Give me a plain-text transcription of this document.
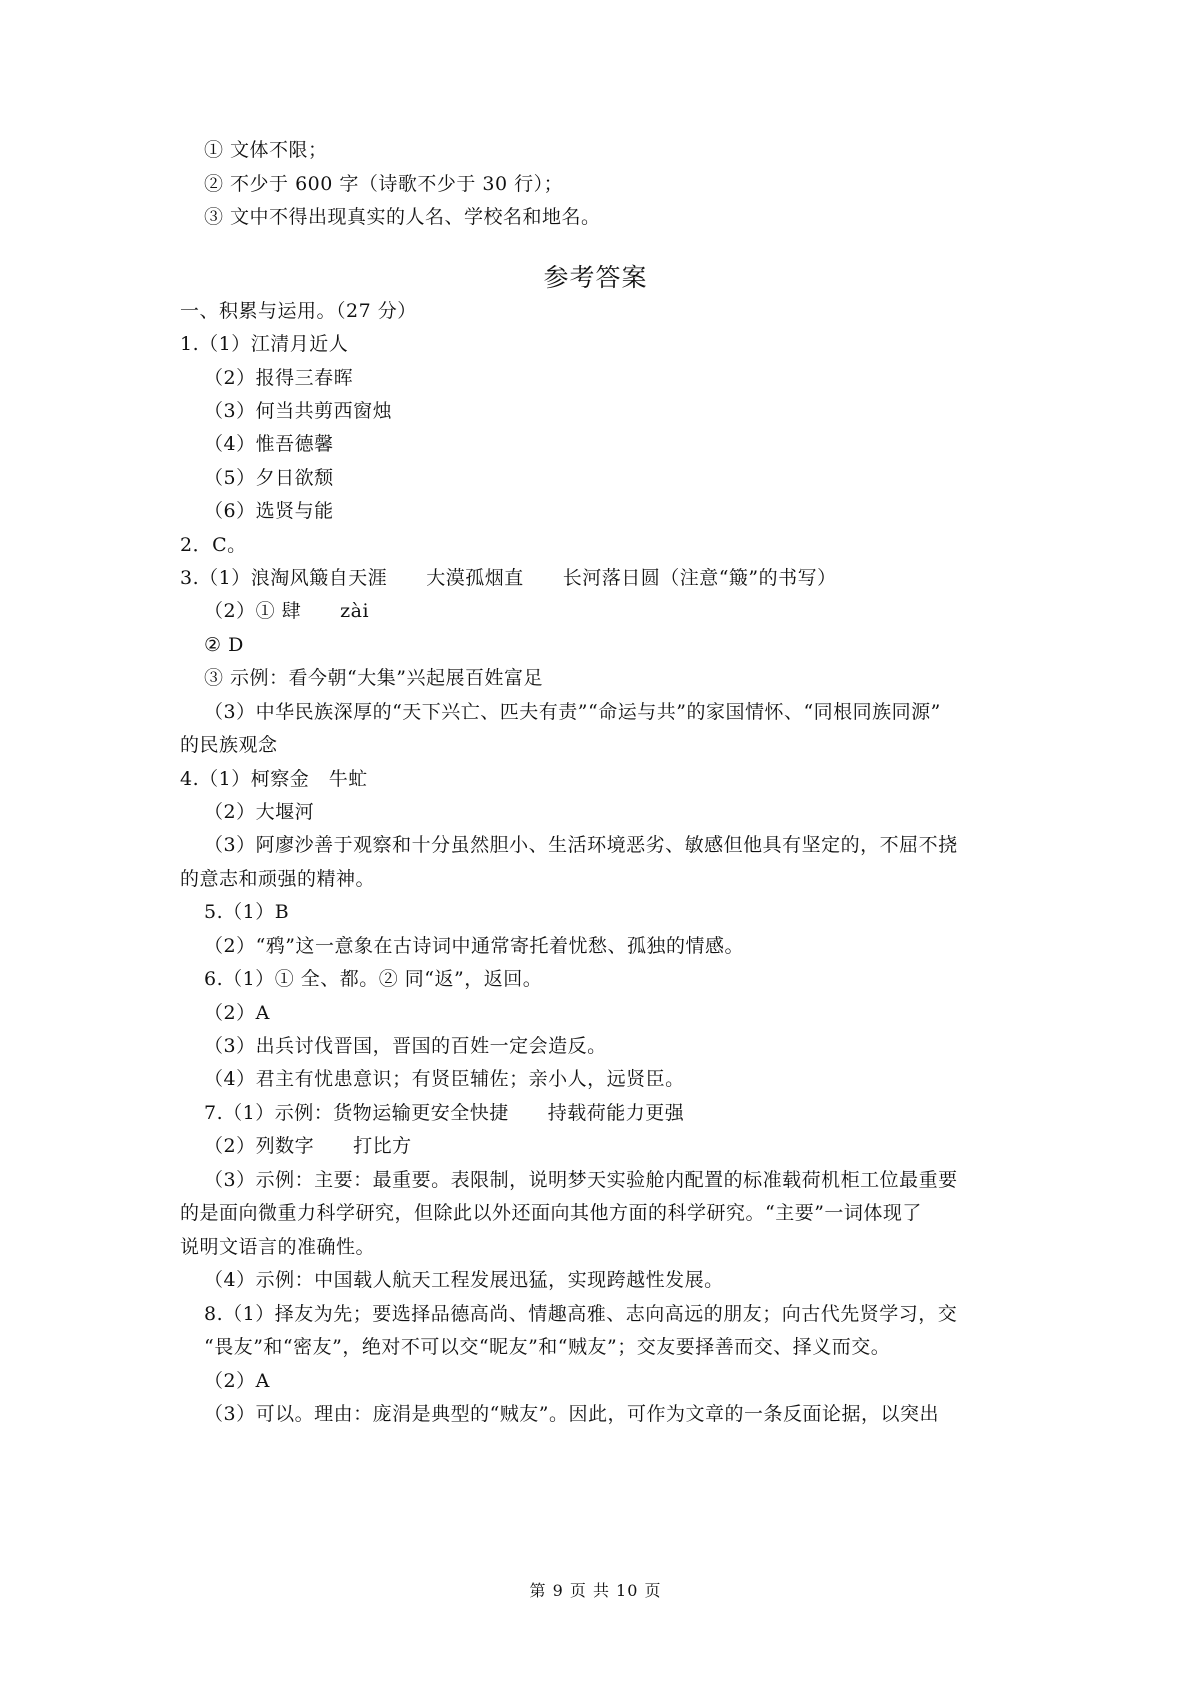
① 文体不限；
② 不少于 600 字（诗歌不少于 30 行）；
③ 文中不得出现真实的人名、学校名和地名。
参考答案
一、积累与运用。（27 分）
1.（1）江清月近人
（2）报得三春晖
（3）何当共剪西窗烛
（4）惟吾德馨
（5）夕日欲颓
（6）选贤与能
2．C。
3.（1）浪淘风簸自天涯　　大漠孤烟直　　长河落日圆（注意“簸”的书写）
（2）① 肆　　zài
② D
③ 示例：看今朝“大集”兴起展百姓富足
（3）中华民族深厚的“天下兴亡、匹夫有责”“命运与共”的家国情怀、“同根同族同源”
的民族观念
4.（1）柯察金　牛虻
（2）大堰河
（3）阿廖沙善于观察和十分虽然胆小、生活环境恶劣、敏感但他具有坚定的，不屈不挠
的意志和顽强的精神。
5.（1）B
（2）“鸦”这一意象在古诗词中通常寄托着忧愁、孤独的情感。
6.（1）① 全、都。② 同“返”，返回。
（2）A
（3）出兵讨伐晋国，晋国的百姓一定会造反。
（4）君主有忧患意识；有贤臣辅佐；亲小人，远贤臣。
7.（1）示例：货物运输更安全快捷　　持载荷能力更强
（2）列数字　　打比方
（3）示例：主要：最重要。表限制，说明梦天实验舱内配置的标准载荷机柜工位最重要
的是面向微重力科学研究，但除此以外还面向其他方面的科学研究。“主要”一词体现了
说明文语言的准确性。
（4）示例：中国载人航天工程发展迅猛，实现跨越性发展。
8.（1）择友为先；要选择品德高尚、情趣高雅、志向高远的朋友；向古代先贤学习，交
“畏友”和“密友”，绝对不可以交“昵友”和“贼友”；交友要择善而交、择义而交。
（2）A
（3）可以。理由：庞涓是典型的“贼友”。因此，可作为文章的一条反面论据，以突出
第 9 页 共 10 页
